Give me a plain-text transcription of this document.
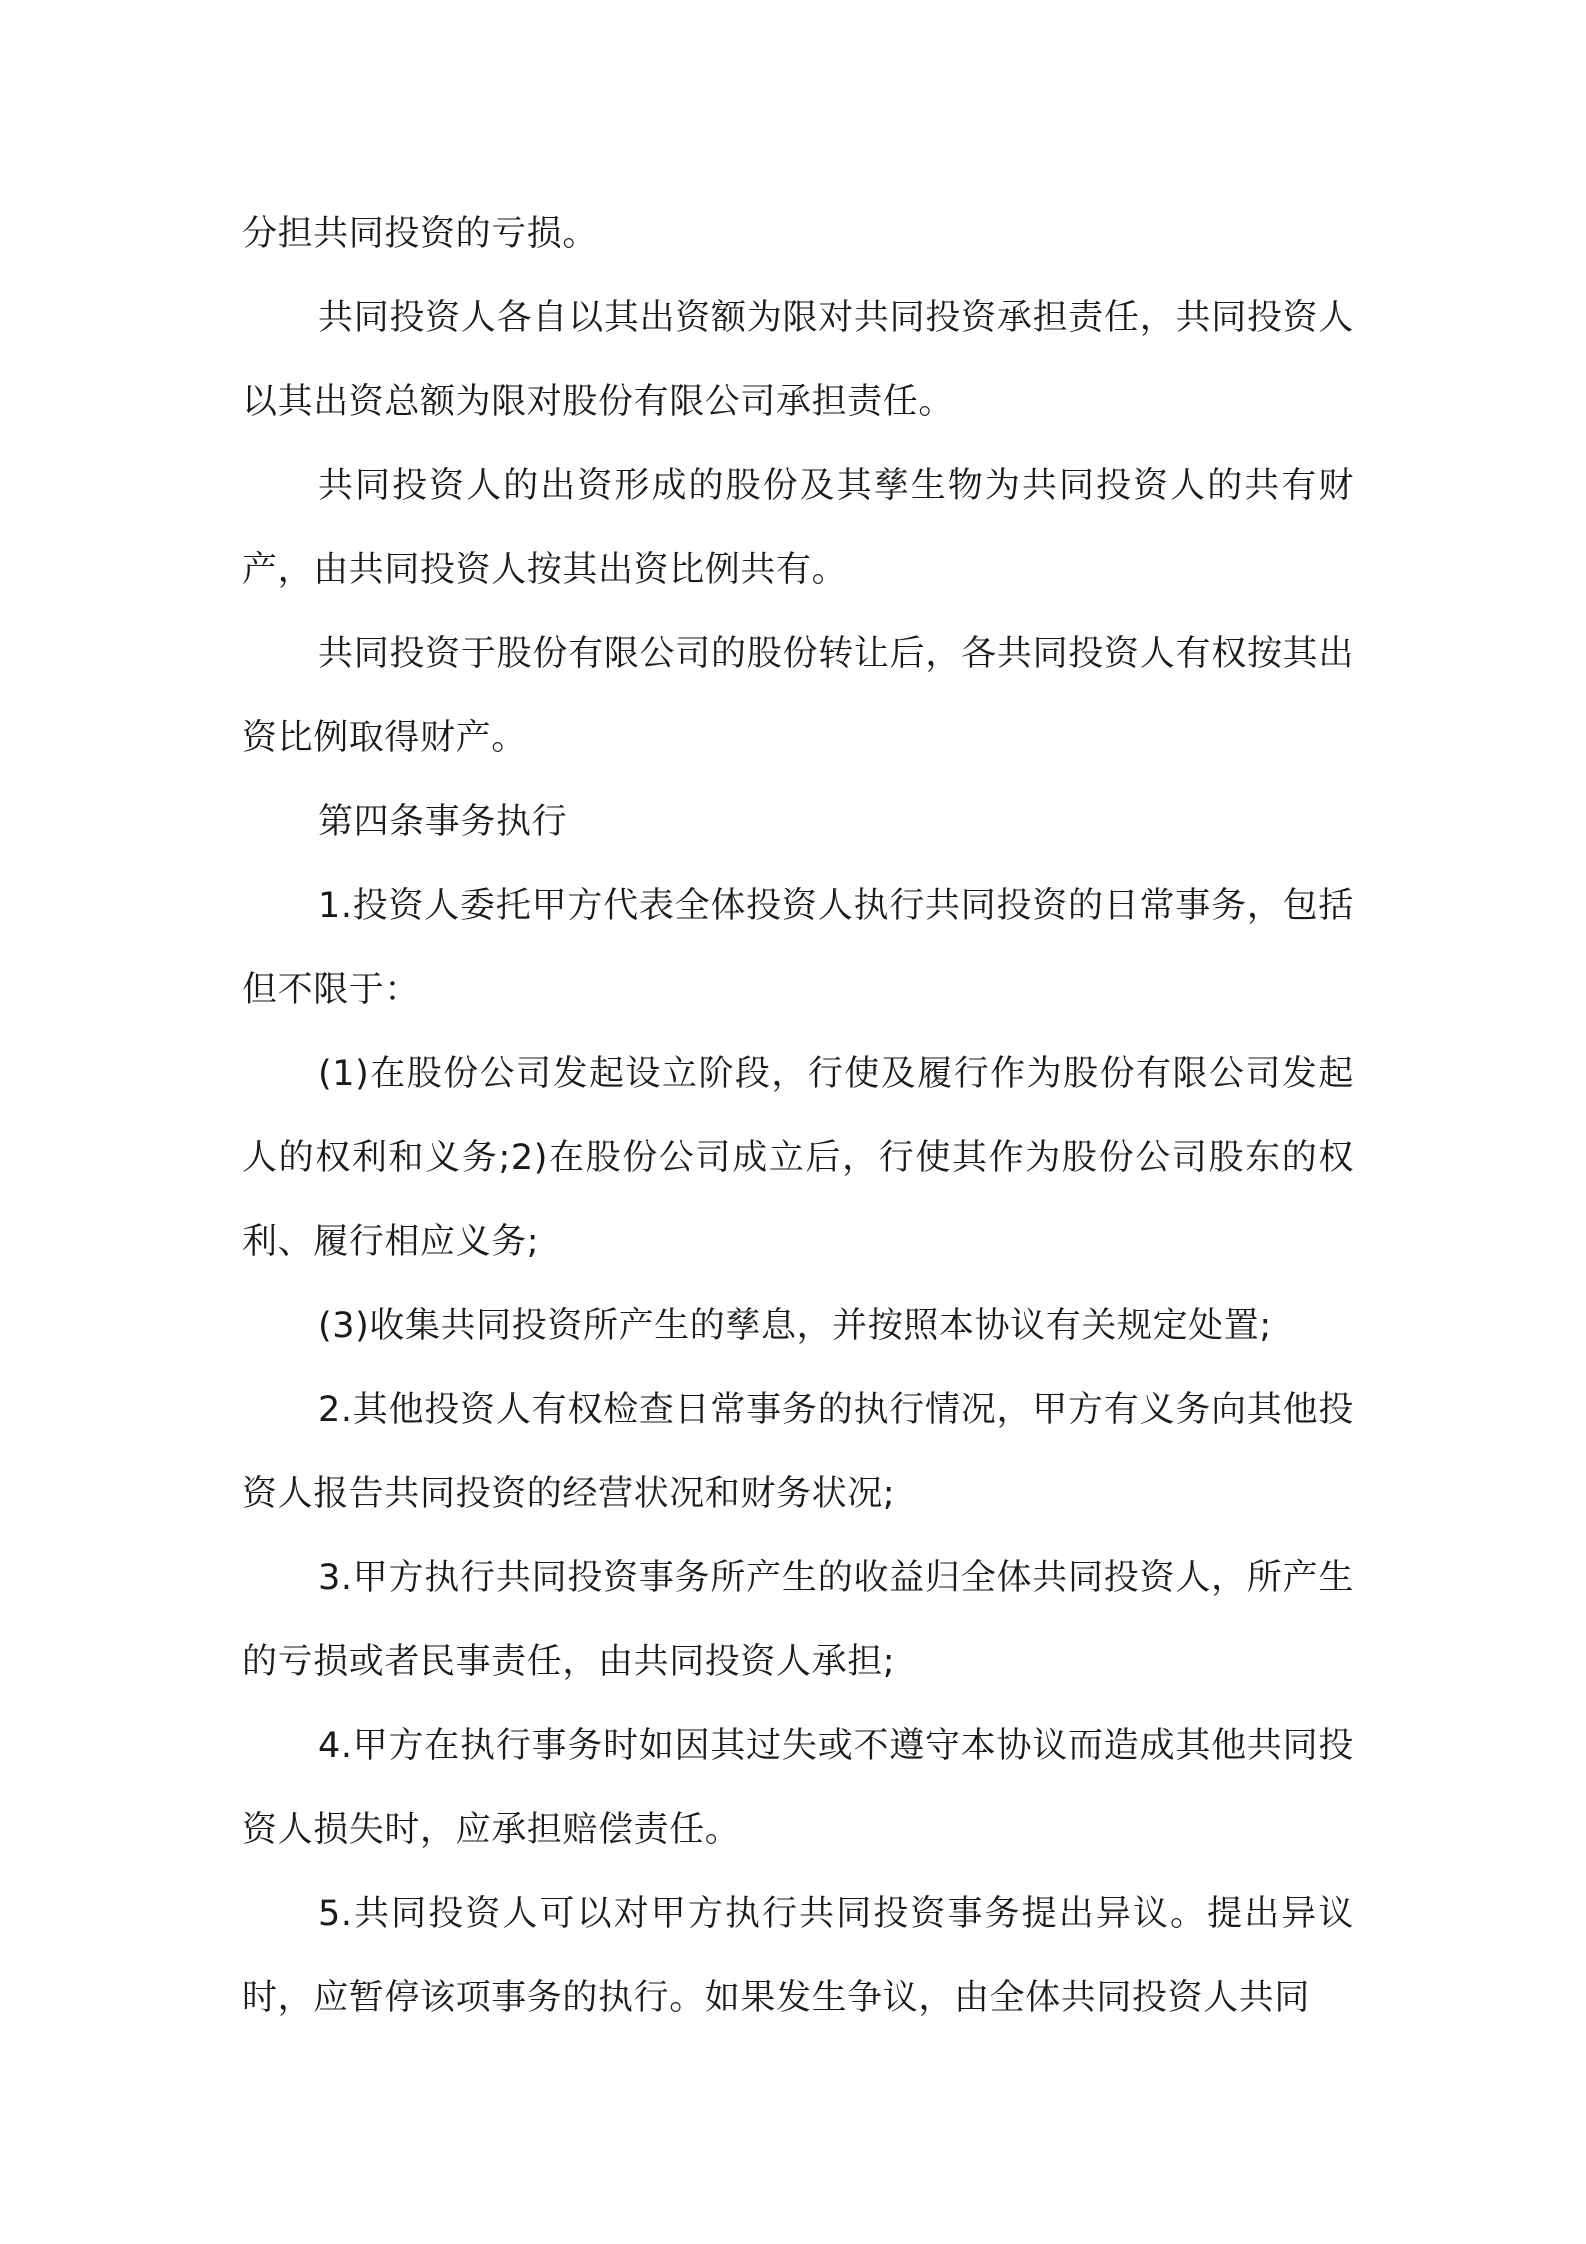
分担共同投资的亏损。

共同投资人各自以其出资额为限对共同投资承担责任，共同投资人以其出资总额为限对股份有限公司承担责任。

共同投资人的出资形成的股份及其孳生物为共同投资人的共有财产，由共同投资人按其出资比例共有。

共同投资于股份有限公司的股份转让后，各共同投资人有权按其出资比例取得财产。

第四条事务执行

1.投资人委托甲方代表全体投资人执行共同投资的日常事务，包括但不限于：

(1)在股份公司发起设立阶段，行使及履行作为股份有限公司发起人的权利和义务;2)在股份公司成立后，行使其作为股份公司股东的权利、履行相应义务;

(3)收集共同投资所产生的孳息，并按照本协议有关规定处置;

2.其他投资人有权检查日常事务的执行情况，甲方有义务向其他投资人报告共同投资的经营状况和财务状况;

3.甲方执行共同投资事务所产生的收益归全体共同投资人，所产生的亏损或者民事责任，由共同投资人承担;

4.甲方在执行事务时如因其过失或不遵守本协议而造成其他共同投资人损失时，应承担赔偿责任。

5.共同投资人可以对甲方执行共同投资事务提出异议。提出异议时，应暂停该项事务的执行。如果发生争议，由全体共同投资人共同
